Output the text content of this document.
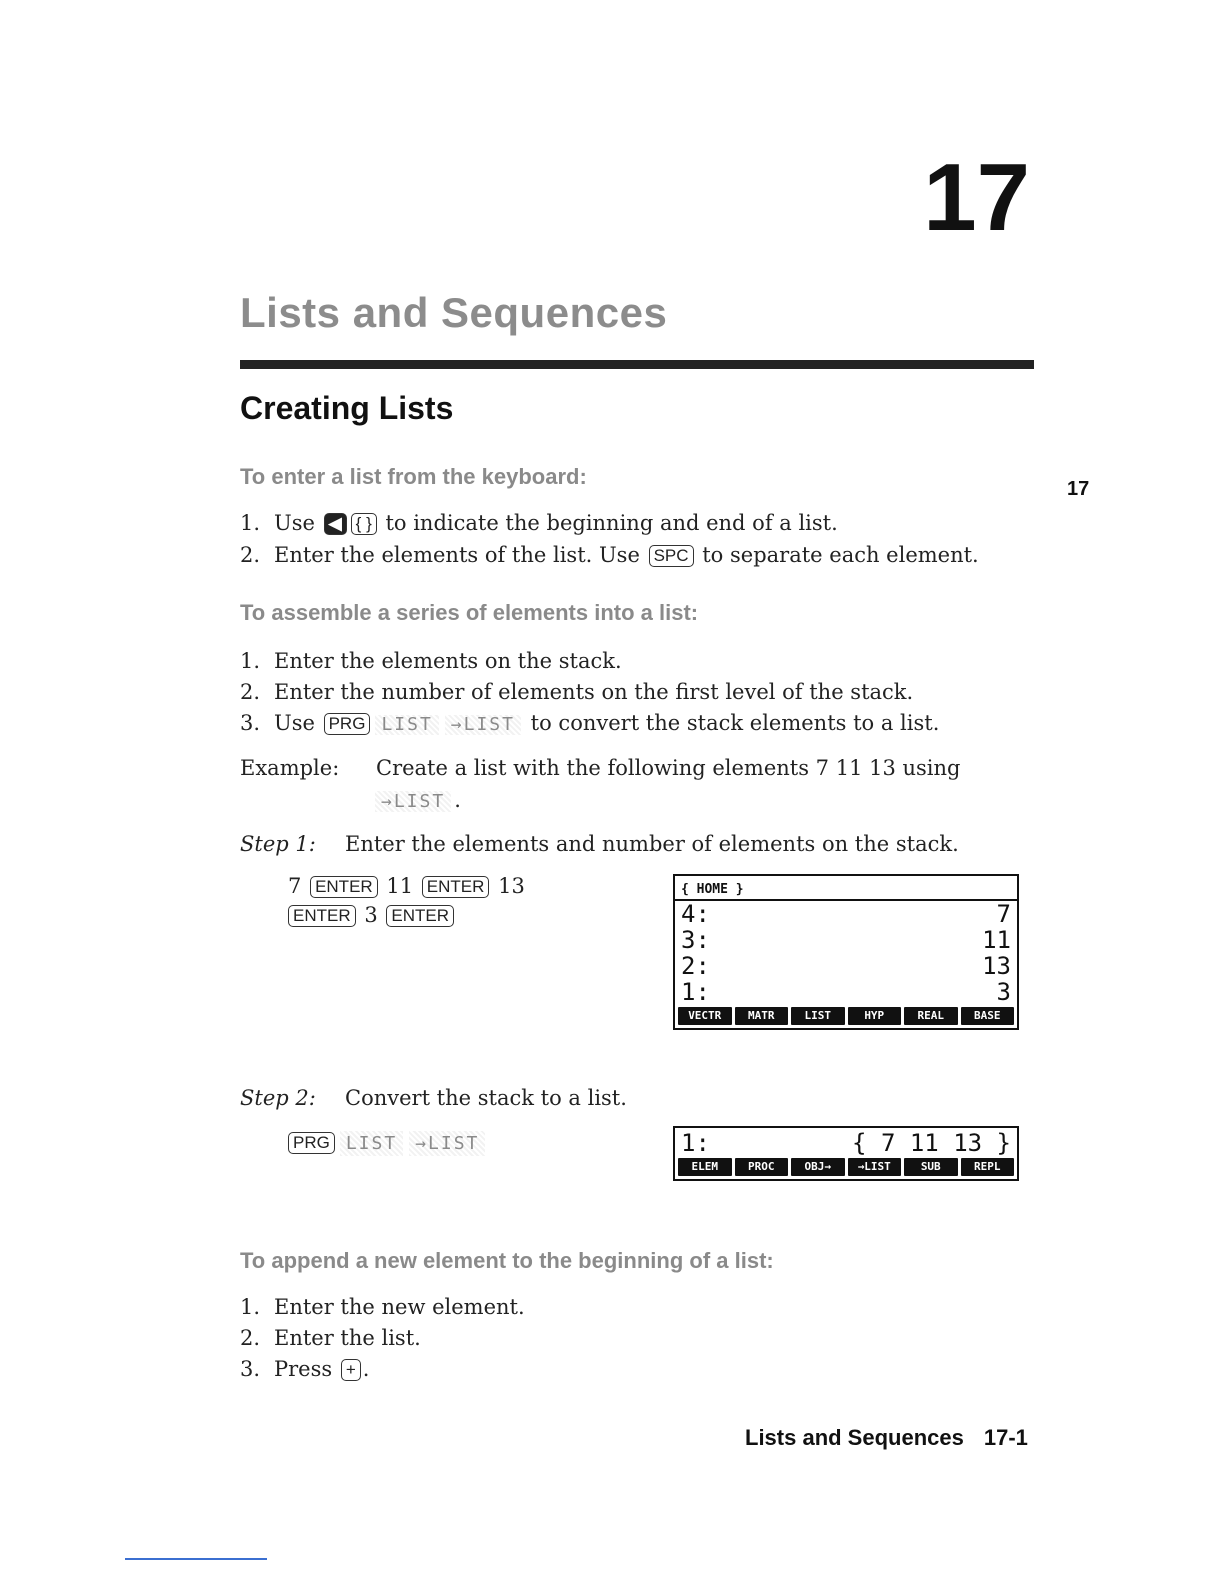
17
Lists and Sequences
Creating Lists
17
To enter a list from the keyboard:
1. Use ◀ { } to indicate the beginning and end of a list.
2. Enter the elements of the list. Use SPC to separate each element.
To assemble a series of elements into a list:
1. Enter the elements on the stack.
2. Enter the number of elements on the first level of the stack.
3. Use PRG LIST →LIST to convert the stack elements to a list.
Example: Create a list with the following elements 7 11 13 using
→LIST .
Step 1: Enter the elements and number of elements on the stack.
7 ENTER 11 ENTER 13
ENTER 3 ENTER
{ HOME }
4:	7
3:	11
2:	13
1:	3
VECTR	MATR	LIST	HYP	REAL	BASE
Step 2: Convert the stack to a list.
PRG LIST →LIST	1:	{ 7 11 13 }
ELEM	PROC	OBJ→	→LIST	SUB	REPL
To append a new element to the beginning of a list:
1. Enter the new element.
2. Enter the list.
3. Press + .
Lists and Sequences 17-1
